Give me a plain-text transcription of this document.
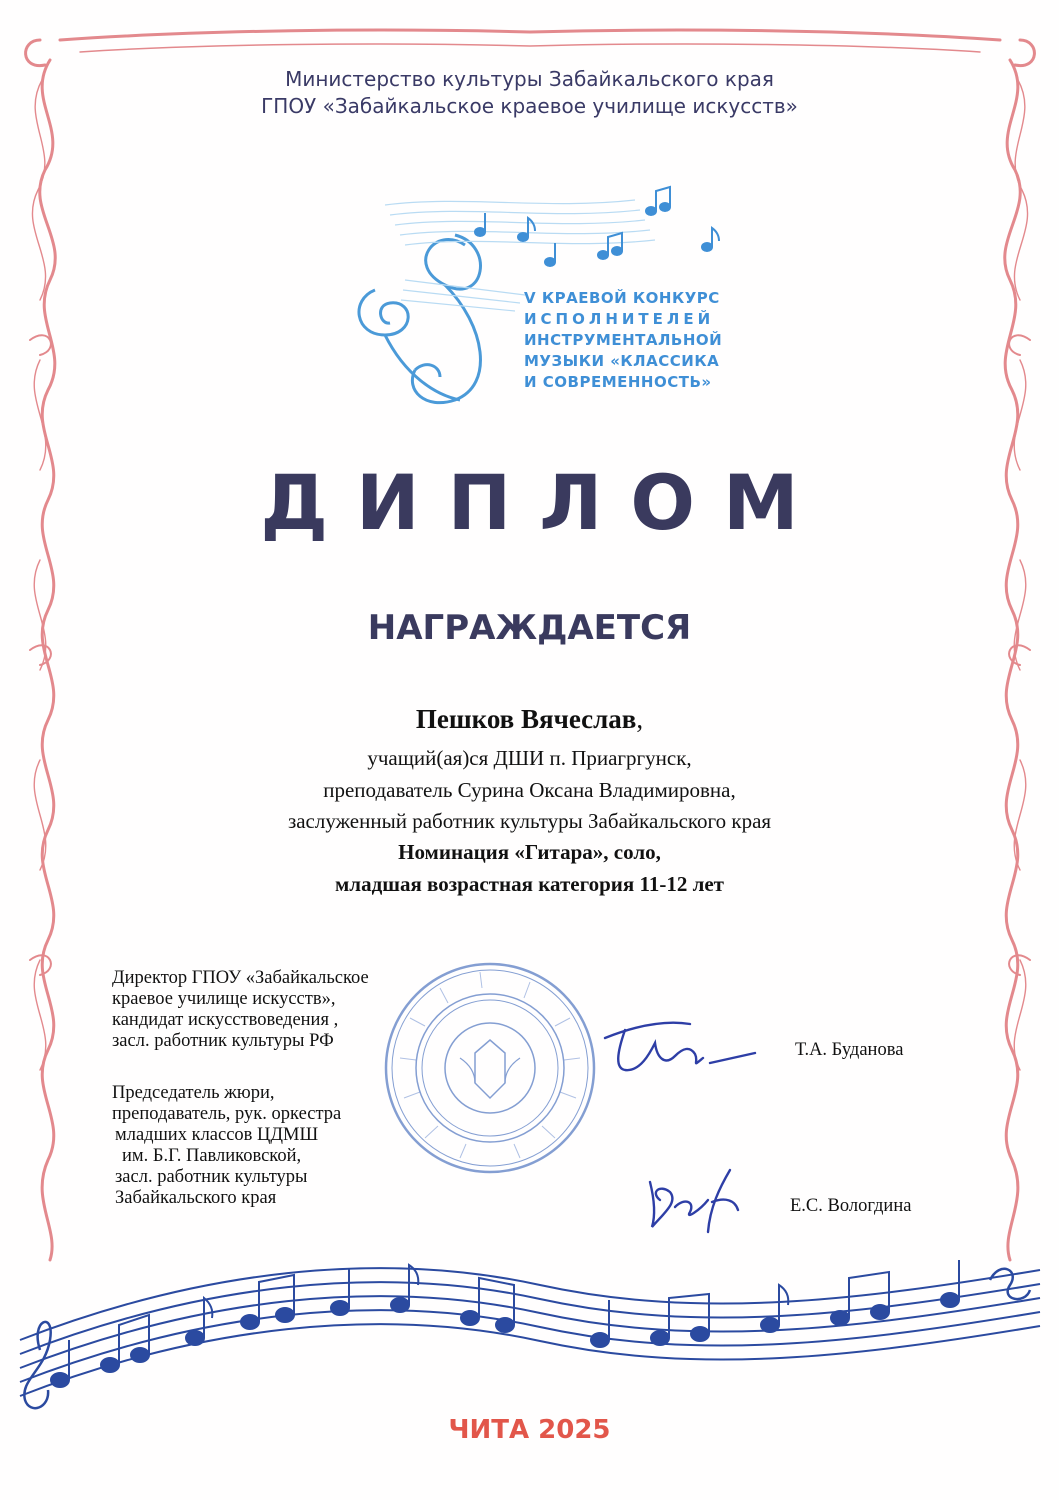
Министерство культуры Забайкальского края
ГПОУ «Забайкальское краевое училище искусств»
V КРАЕВОЙ КОНКУРС
ИСПОЛНИТЕЛЕЙ
ИНСТРУМЕНТАЛЬНОЙ
МУЗЫКИ «КЛАССИКА
И СОВРЕМЕННОСТЬ»
ДИПЛОМ
НАГРАЖДАЕТСЯ
Пешков Вячеслав,
учащий(ая)ся ДШИ п. Приагргунск,
преподаватель Сурина Оксана Владимировна,
заслуженный работник культуры Забайкальского края
Номинация «Гитара», соло,
младшая возрастная категория 11-12 лет
Директор ГПОУ «Забайкальское
краевое училище искусств»,
кандидат искусствоведения ,
засл. работник культуры РФ
Председатель жюри,
преподаватель, рук. оркестра
младших классов ЦДМШ
им. Б.Г. Павликовской,
засл. работник культуры
Забайкальского края
Т.А. Буданова
Е.С. Вологдина
ЧИТА 2025
